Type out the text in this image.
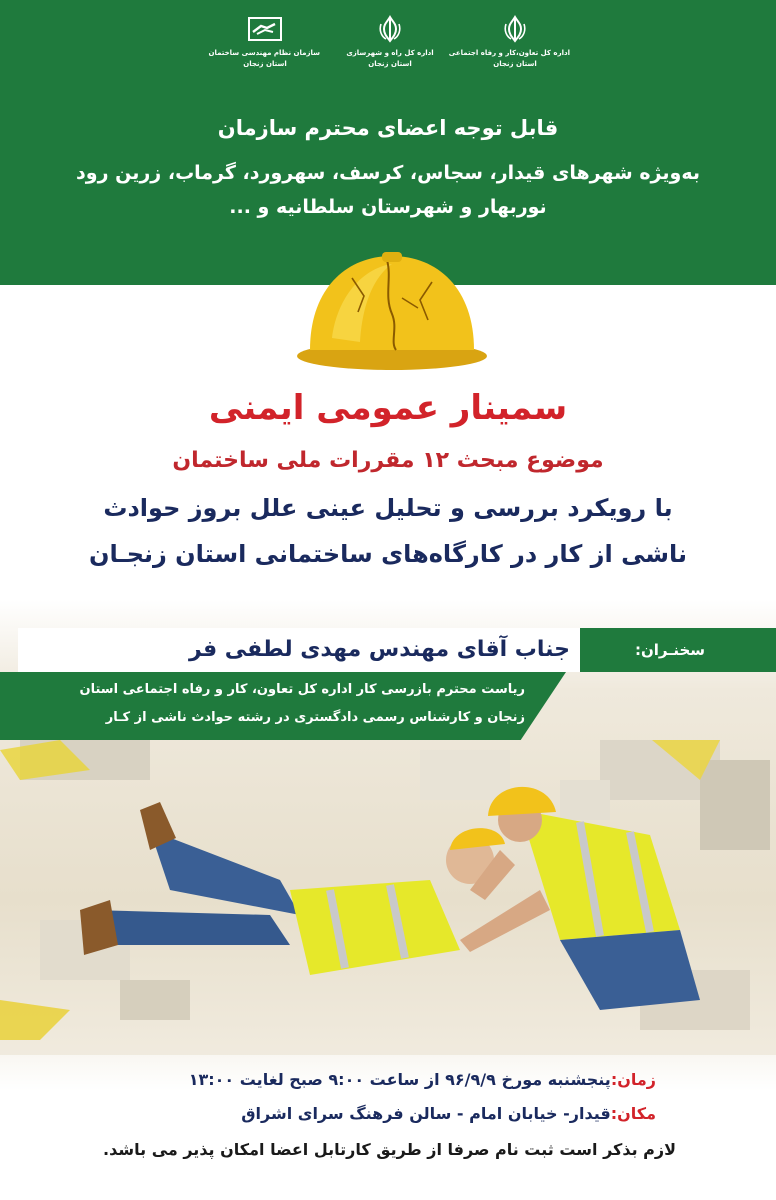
اداره کل تعاون،کار و رفاه اجتماعی
استان زنجان
اداره کل راه و شهرسازی
استان زنجان
سازمان نظام مهندسی ساختمان
استان زنجان
قابل توجه اعضای محترم سازمان
به‌ویژه شهرهای قیدار، سجاس، کرسف، سهرورد، گرماب، زرین رود
نوربهار و شهرستان سلطانیه و ...
سمینار عمومی ایمنی
موضوع مبحث ۱۲ مقررات ملی ساختمان
با رویکرد بررسی و تحلیل عینی علل بروز حوادث
ناشی از کار در کارگاه‌های ساختمانی استان زنجـان
جناب آقای مهندس مهدی لطفی فر	سخنـران:
ریاست محترم بازرسی کار اداره کل تعاون، کار و رفاه اجتماعی استان
زنجان و کارشناس رسمی دادگستری در رشته حوادث ناشی از کـار
زمان:پنجشنبه مورخ ۹۶/۹/۹ از ساعت ۹:۰۰ صبح لغایت ۱۳:۰۰
مکان:قیدار- خیابان امام - سالن فرهنگ سرای اشراق
لازم بذکر است ثبت نام صرفا از طریق کارتابل اعضا امکان پذیر می باشد.
